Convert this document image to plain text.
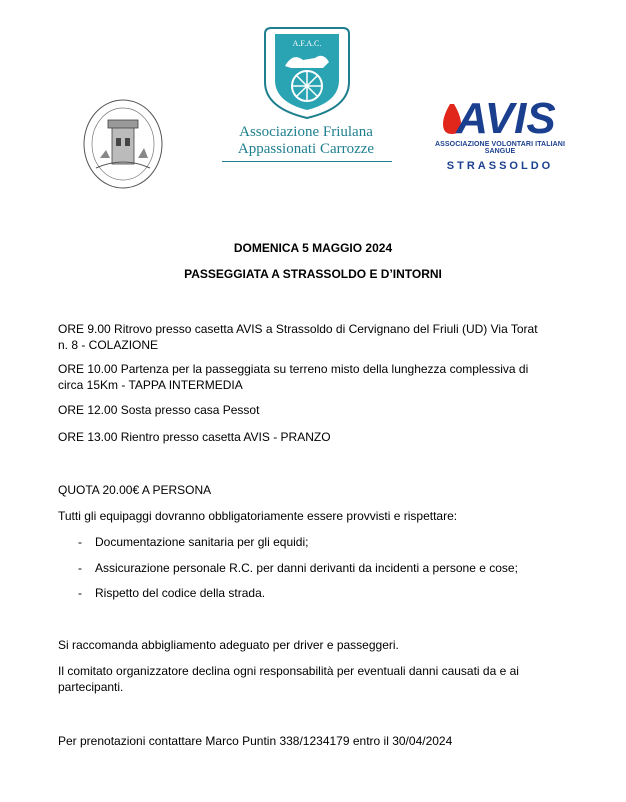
A.F.A.C.
Associazione Friulana
Appassionati Carrozze
AVIS
ASSOCIAZIONE VOLONTARI ITALIANI SANGUE
STRASSOLDO
DOMENICA 5 MAGGIO 2024
PASSEGGIATA A STRASSOLDO E D’INTORNI
ORE 9.00 Ritrovo presso casetta AVIS a Strassoldo di Cervignano del Friuli (UD) Via Torat
n. 8 - COLAZIONE
ORE 10.00 Partenza per la passeggiata su terreno misto della lunghezza complessiva di
circa 15Km - TAPPA INTERMEDIA
ORE 12.00 Sosta presso casa Pessot
ORE 13.00 Rientro presso casetta AVIS - PRANZO
QUOTA 20.00€ A PERSONA
Tutti gli equipaggi dovranno obbligatoriamente essere provvisti e rispettare:
- Documentazione sanitaria per gli equidi;
- Assicurazione personale R.C. per danni derivanti da incidenti a persone e cose;
- Rispetto del codice della strada.
Si raccomanda abbigliamento adeguato per driver e passeggeri.
Il comitato organizzatore declina ogni responsabilità per eventuali danni causati da e ai
partecipanti.
Per prenotazioni contattare Marco Puntin 338/1234179 entro il 30/04/2024
